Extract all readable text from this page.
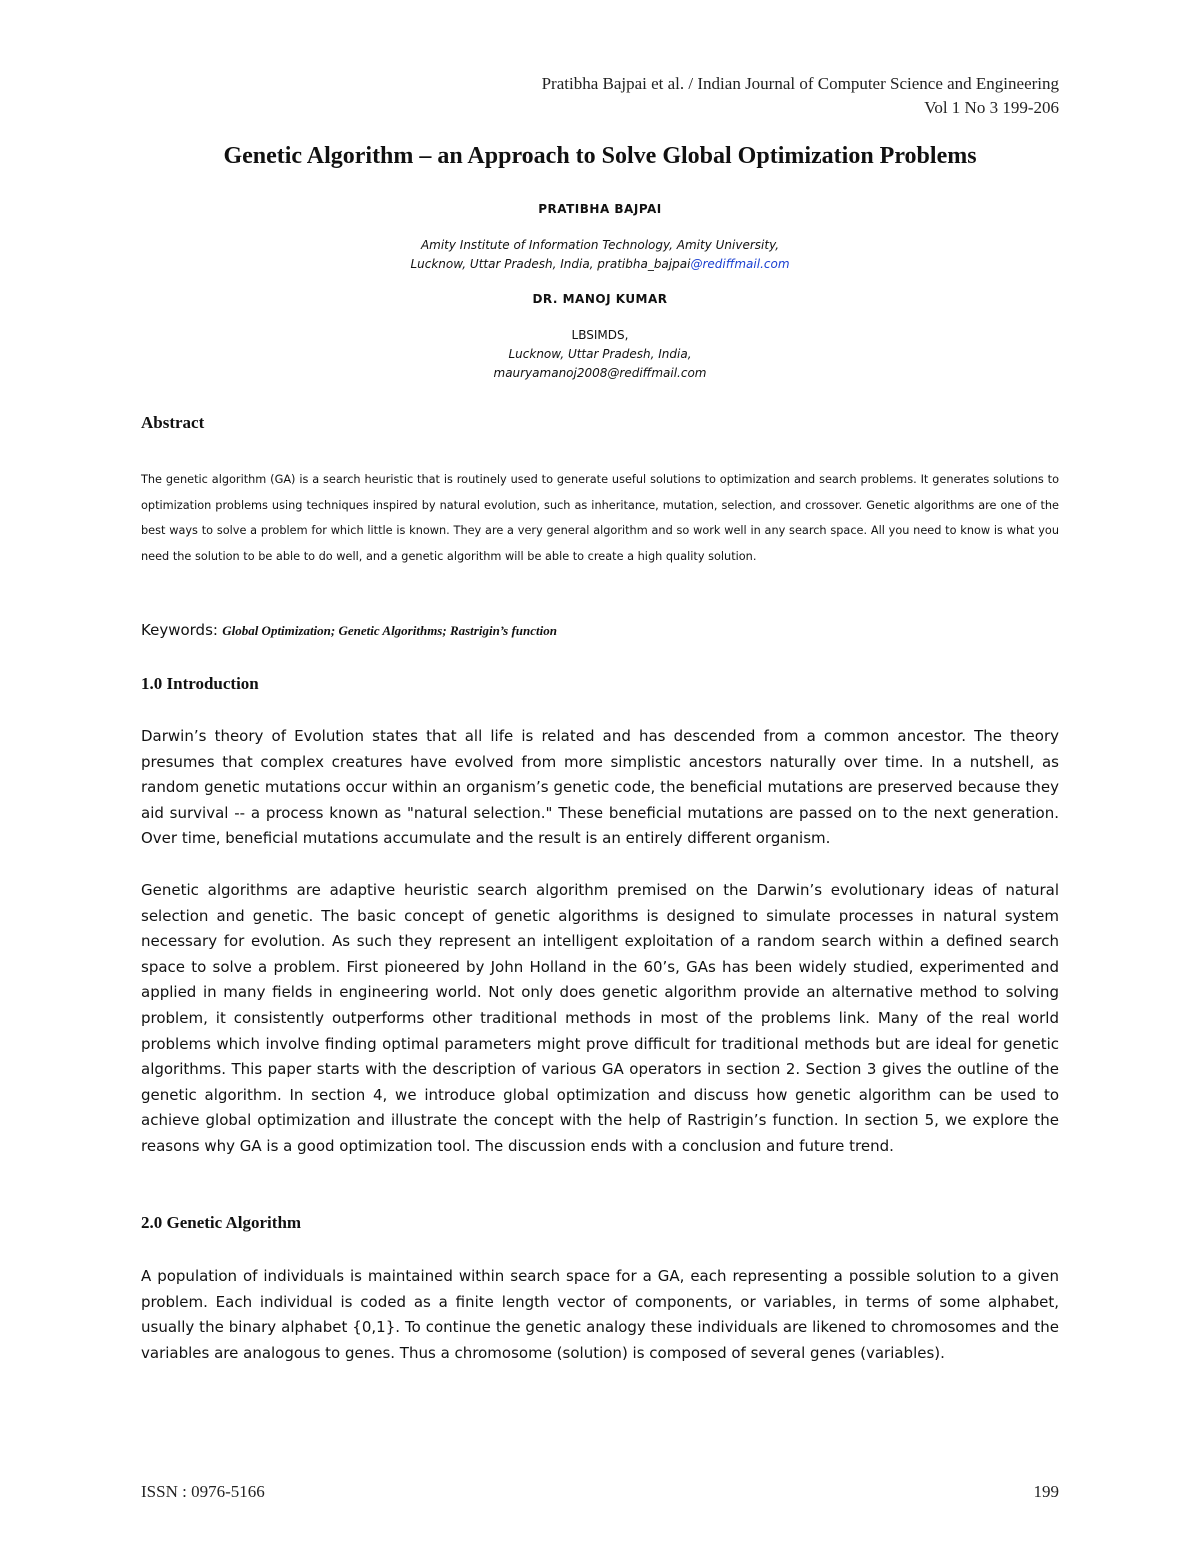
Pratibha Bajpai et al. / Indian Journal of Computer Science and Engineering
Vol 1 No 3 199-206
Genetic Algorithm – an Approach to Solve Global Optimization Problems
PRATIBHA BAJPAI
Amity Institute of Information Technology, Amity University,
Lucknow, Uttar Pradesh, India, pratibha_bajpai@rediffmail.com
DR. MANOJ KUMAR
LBSIMDS,
Lucknow, Uttar Pradesh, India,
mauryamanoj2008@rediffmail.com
Abstract
The genetic algorithm (GA) is a search heuristic that is routinely used to generate useful solutions to optimization and search problems. It generates solutions to optimization problems using techniques inspired by natural evolution, such as inheritance, mutation, selection, and crossover. Genetic algorithms are one of the best ways to solve a problem for which little is known. They are a very general algorithm and so work well in any search space. All you need to know is what you need the solution to be able to do well, and a genetic algorithm will be able to create a high quality solution.
Keywords: Global Optimization; Genetic Algorithms; Rastrigin’s function
1.0 Introduction
Darwin’s theory of Evolution states that all life is related and has descended from a common ancestor. The theory presumes that complex creatures have evolved from more simplistic ancestors naturally over time. In a nutshell, as random genetic mutations occur within an organism’s genetic code, the beneficial mutations are preserved because they aid survival -- a process known as "natural selection." These beneficial mutations are passed on to the next generation. Over time, beneficial mutations accumulate and the result is an entirely different organism.
Genetic algorithms are adaptive heuristic search algorithm premised on the Darwin’s evolutionary ideas of natural selection and genetic. The basic concept of genetic algorithms is designed to simulate processes in natural system necessary for evolution. As such they represent an intelligent exploitation of a random search within a defined search space to solve a problem. First pioneered by John Holland in the 60’s, GAs has been widely studied, experimented and applied in many fields in engineering world. Not only does genetic algorithm provide an alternative method to solving problem, it consistently outperforms other traditional methods in most of the problems link. Many of the real world problems which involve finding optimal parameters might prove difficult for traditional methods but are ideal for genetic algorithms. This paper starts with the description of various GA operators in section 2. Section 3 gives the outline of the genetic algorithm. In section 4, we introduce global optimization and discuss how genetic algorithm can be used to achieve global optimization and illustrate the concept with the help of Rastrigin’s function. In section 5, we explore the reasons why GA is a good optimization tool. The discussion ends with a conclusion and future trend.
2.0 Genetic Algorithm
A population of individuals is maintained within search space for a GA, each representing a possible solution to a given problem. Each individual is coded as a finite length vector of components, or variables, in terms of some alphabet, usually the binary alphabet {0,1}. To continue the genetic analogy these individuals are likened to chromosomes and the variables are analogous to genes. Thus a chromosome (solution) is composed of several genes (variables).
ISSN : 0976-5166	199
